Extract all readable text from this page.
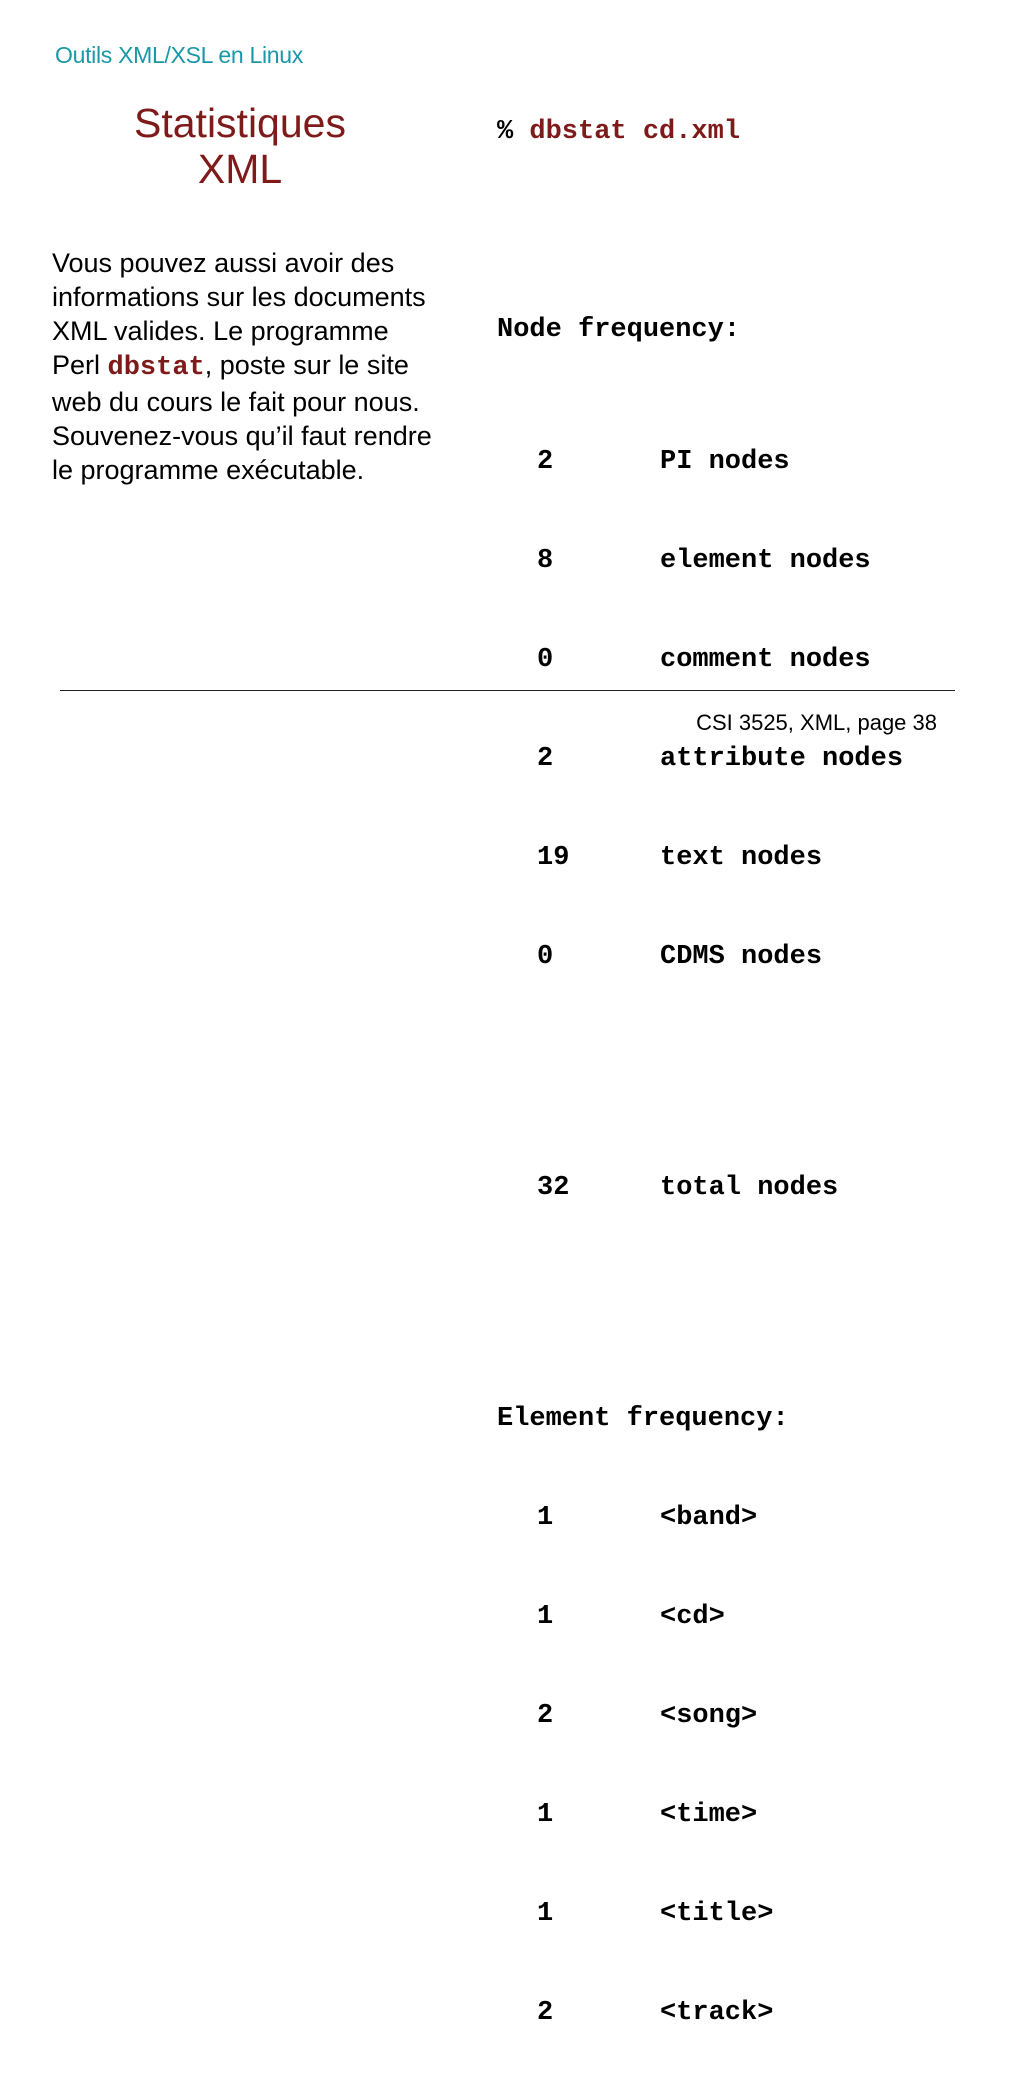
Outils XML/XSL en Linux
Statistiques
XML
Vous pouvez aussi avoir des informations sur les documents XML valides. Le programme Perl dbstat, poste sur le site web du cours le fait pour nous. Souvenez-vous qu’il faut rendre le programme exécutable.

% dbstat cd.xml

Node frequency:

2	PI nodes

8	element nodes

0	comment nodes

2	attribute nodes

19	text nodes

0	CDMS nodes

32	total nodes

Element frequency:

1	<band>

1	<cd>

2	<song>

1	<time>

1	<title>

2	<track>

CSI 3525, XML, page 38
